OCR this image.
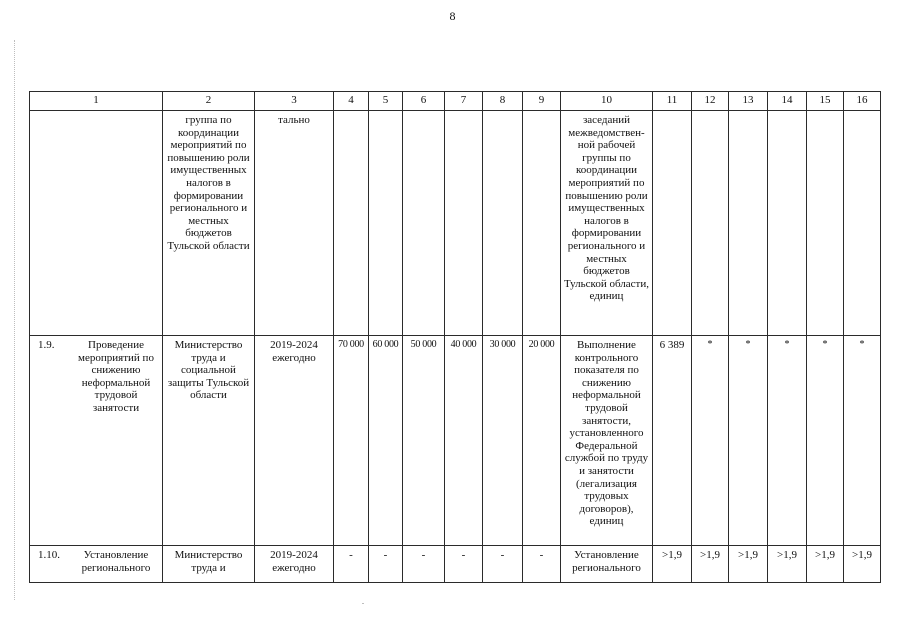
8
1	2	3	4	5	6	7	8	9	10	11	12	13	14	15	16
	группа по координации мероприятий по повышению роли имущественных налогов в формировании регионального и местных бюджетов Тульской области	тально							заседаний межведомствен-ной рабочей группы по координации мероприятий по повышению роли имущественных налогов в формировании регионального и местных бюджетов Тульской области, единиц						

1.9. Проведение мероприятий по снижению неформальной трудовой занятости	Министерство труда и социальной защиты Тульской области	2019-2024 ежегодно	70 000	60 000	50 000	40 000	30 000	20 000	Выполнение контрольного показателя по снижению неформальной трудовой занятости, установленного Федеральной службой по труду и занятости (легализация трудовых договоров), единиц	6 389	*	*	*	*	*

1.10. Установление регионального	Министерство труда и	2019-2024 ежегодно	-	-	-	-	-	-	Установление регионального	>1,9	>1,9	>1,9	>1,9	>1,9	>1,9
.
